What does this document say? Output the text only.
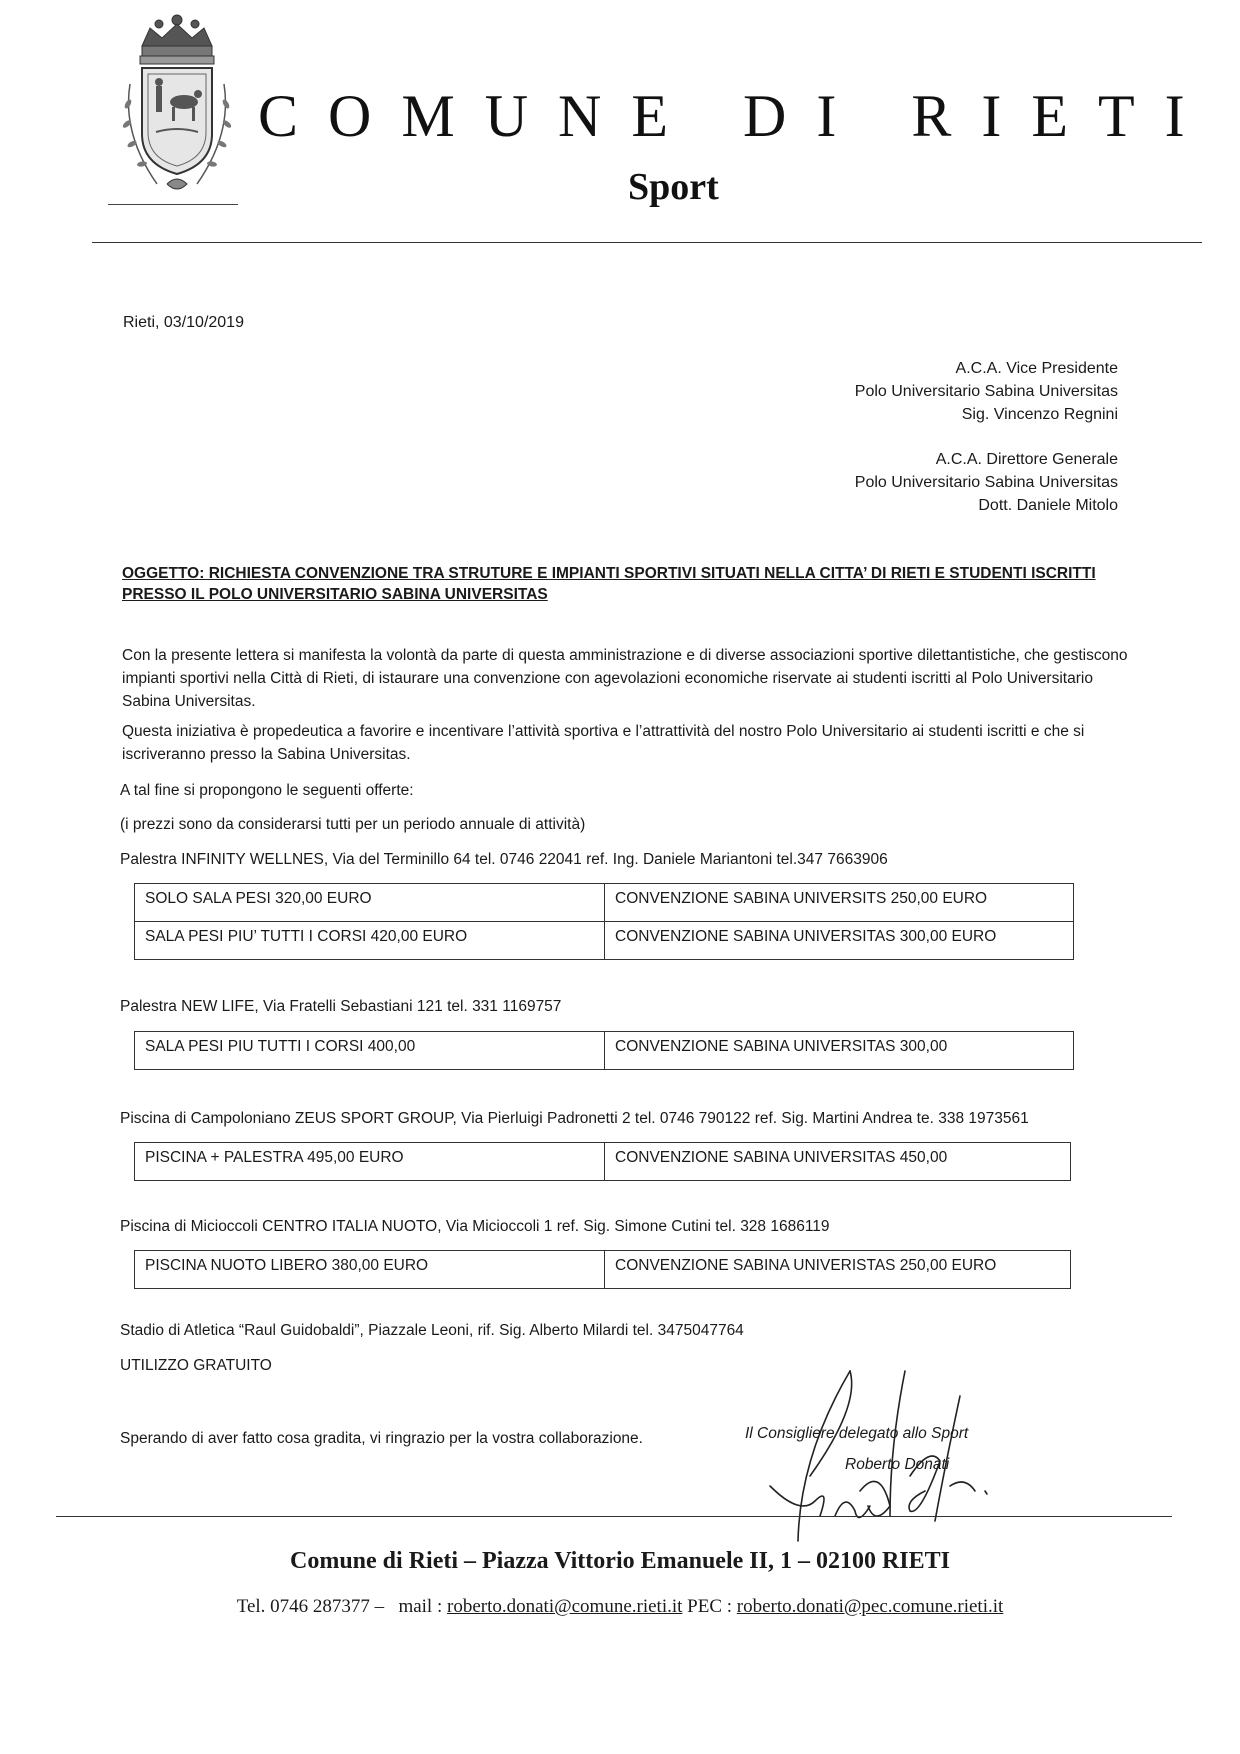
COMUNE DI RIETI
Sport
Rieti, 03/10/2019
A.C.A. Vice Presidente
Polo Universitario Sabina Universitas
Sig. Vincenzo Regnini
A.C.A. Direttore Generale
Polo Universitario Sabina Universitas
Dott. Daniele Mitolo
OGGETTO: RICHIESTA CONVENZIONE TRA STRUTURE E IMPIANTI SPORTIVI SITUATI NELLA CITTA’ DI RIETI E STUDENTI ISCRITTI PRESSO IL POLO UNIVERSITARIO SABINA UNIVERSITAS
Con la presente lettera si manifesta la volontà da parte di questa amministrazione e di diverse associazioni sportive dilettantistiche, che gestiscono impianti sportivi nella Città di Rieti, di istaurare una convenzione con agevolazioni economiche riservate ai studenti iscritti al Polo Universitario Sabina Universitas.
Questa iniziativa è propedeutica a favorire e incentivare l’attività sportiva e l’attrattività del nostro Polo Universitario ai studenti iscritti e che si iscriveranno presso la Sabina Universitas.
A tal fine si propongono le seguenti offerte:
(i prezzi sono da considerarsi tutti per un periodo annuale di attività)
Palestra INFINITY WELLNES, Via del Terminillo 64 tel. 0746 22041 ref. Ing. Daniele Mariantoni tel.347 7663906
SOLO SALA PESI 320,00 EURO	CONVENZIONE SABINA UNIVERSITS 250,00 EURO
SALA PESI PIU’ TUTTI I CORSI 420,00 EURO	CONVENZIONE SABINA UNIVERSITAS 300,00 EURO
Palestra NEW LIFE, Via Fratelli Sebastiani 121 tel. 331 1169757
SALA PESI PIU TUTTI I CORSI 400,00	CONVENZIONE SABINA UNIVERSITAS 300,00
Piscina di Campoloniano ZEUS SPORT GROUP, Via Pierluigi Padronetti 2 tel. 0746 790122 ref. Sig. Martini Andrea te. 338 1973561
PISCINA + PALESTRA 495,00 EURO	CONVENZIONE SABINA UNIVERSITAS 450,00
Piscina di Micioccoli CENTRO ITALIA NUOTO, Via Micioccoli 1 ref. Sig. Simone Cutini tel. 328 1686119
PISCINA NUOTO LIBERO 380,00 EURO	CONVENZIONE SABINA UNIVERISTAS 250,00 EURO
Stadio di Atletica “Raul Guidobaldi”, Piazzale Leoni, rif. Sig. Alberto Milardi tel. 3475047764
UTILIZZO GRATUITO
Sperando di aver fatto cosa gradita, vi ringrazio per la vostra collaborazione.	Il Consigliere delegato allo Sport
Roberto Donati
Comune di Rieti – Piazza Vittorio Emanuele II, 1 – 02100 RIETI
Tel. 0746 287377 – mail : roberto.donati@comune.rieti.it PEC : roberto.donati@pec.comune.rieti.it
